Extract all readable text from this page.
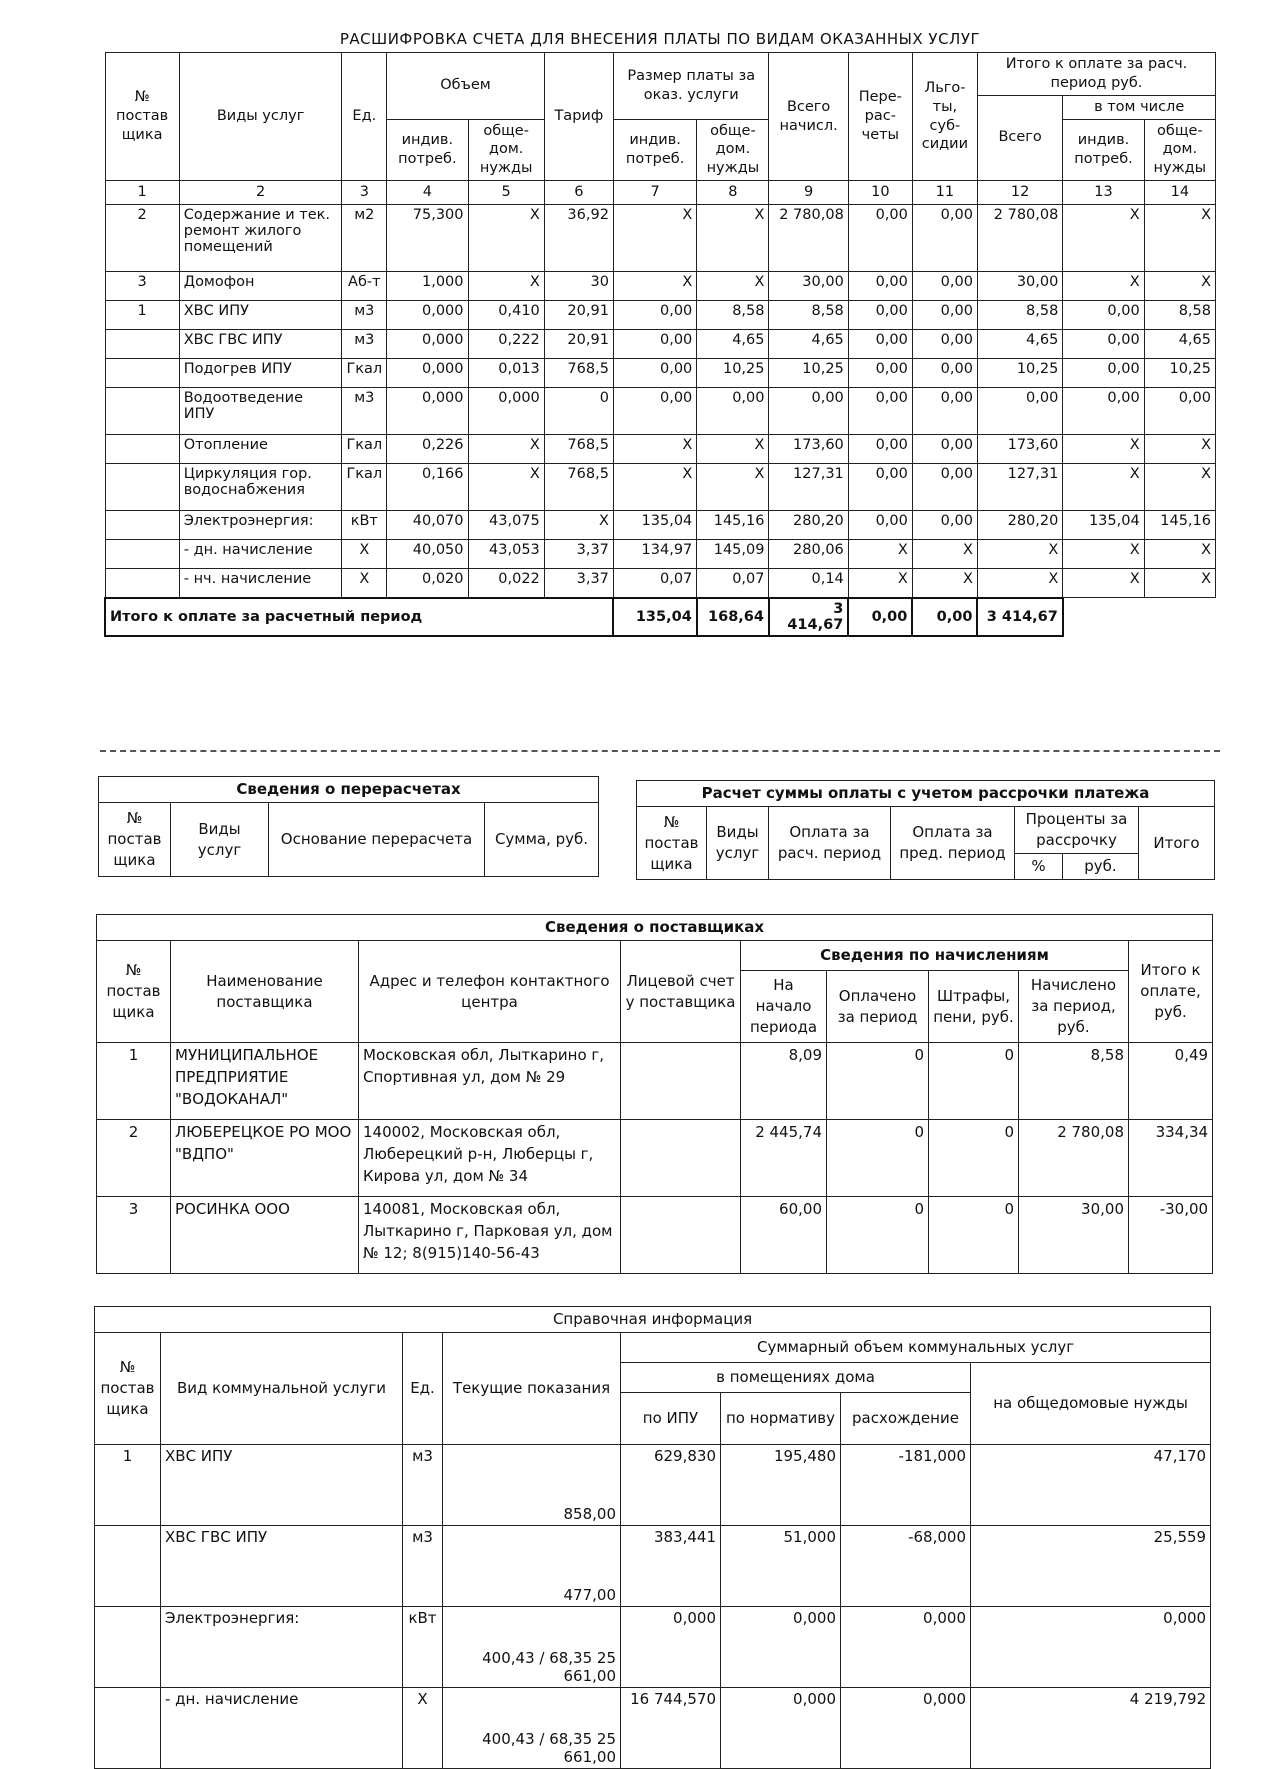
РАСШИФРОВКА СЧЕТА ДЛЯ ВНЕСЕНИЯ ПЛАТЫ ПО ВИДАМ ОКАЗАННЫХ УСЛУГ
№ постав щика	Виды услуг	Ед.	Объем		Тариф	Размер платы за оказ. услуги		Всего начисл.	Пере-рас-четы	Льго-ты, суб-сидии	Итого к оплате за расч. период руб.		
											Всего	в том числе	
			индив. потреб.	обще-дом. нужды		индив. потреб.	обще-дом. нужды					индив. потреб.	обще-дом. нужды
1	2	3	4	5	6	7	8	9	10	11	12	13	14
2	Содержание и тек. ремонт жилого помещений	м2	75,300	Х	36,92	Х	Х	2 780,08	0,00	0,00	2 780,08	Х	Х
3	Домофон	Аб-т	1,000	Х	30	Х	Х	30,00	0,00	0,00	30,00	Х	Х
1	ХВС ИПУ	м3	0,000	0,410	20,91	0,00	8,58	8,58	0,00	0,00	8,58	0,00	8,58
	ХВС ГВС ИПУ	м3	0,000	0,222	20,91	0,00	4,65	4,65	0,00	0,00	4,65	0,00	4,65
	Подогрев ИПУ	Гкал	0,000	0,013	768,5	0,00	10,25	10,25	0,00	0,00	10,25	0,00	10,25
	Водоотведение ИПУ	м3	0,000	0,000	0	0,00	0,00	0,00	0,00	0,00	0,00	0,00	0,00
	Отопление	Гкал	0,226	Х	768,5	Х	Х	173,60	0,00	0,00	173,60	Х	Х
	Циркуляция гор. водоснабжения	Гкал	0,166	Х	768,5	Х	Х	127,31	0,00	0,00	127,31	Х	Х
	Электроэнергия:	кВт	40,070	43,075	Х	135,04	145,16	280,20	0,00	0,00	280,20	135,04	145,16
	- дн. начисление	Х	40,050	43,053	3,37	134,97	145,09	280,06	Х	Х	Х	Х	Х
	- нч. начисление	Х	0,020	0,022	3,37	0,07	0,07	0,14	Х	Х	Х	Х	Х
Итого к оплате за расчетный период						135,04	168,64	3 414,67	0,00	0,00	3 414,67		
Сведения о перерасчетах
№ постав щика	Виды услуг	Основание перерасчета	Сумма, руб.
Расчет суммы оплаты с учетом рассрочки платежа						
№ постав щика	Виды услуг	Оплата за расч. период	Оплата за пред. период	Проценты за рассрочку		Итого
				%	руб.	
Сведения о поставщиках								
№ постав щика	Наименование поставщика	Адрес и телефон контактного центра	Лицевой счет у поставщика	Сведения по начислениям				Итого к оплате, руб.
				На начало периода	Оплачено за период	Штрафы, пени, руб.	Начислено за период, руб.	
1	МУНИЦИПАЛЬНОЕ ПРЕДПРИЯТИЕ "ВОДОКАНАЛ"	Московская обл, Лыткарино г, Спортивная ул, дом № 29		8,09	0	0	8,58	0,49
2	ЛЮБЕРЕЦКОЕ РО МОО "ВДПО"	140002, Московская обл, Люберецкий р-н, Люберцы г, Кирова ул, дом № 34		2 445,74	0	0	2 780,08	334,34
3	РОСИНКА ООО	140081, Московская обл, Лыткарино г, Парковая ул, дом № 12; 8(915)140-56-43		60,00	0	0	30,00	-30,00
Справочная информация							
№ постав щика	Вид коммунальной услуги	Ед.	Текущие показания	Суммарный объем коммунальных услуг			
				в помещениях дома			на общедомовые нужды
				по ИПУ	по нормативу	расхождение	
1	ХВС ИПУ	м3	858,00	629,830	195,480	-181,000	47,170
	ХВС ГВС ИПУ	м3	477,00	383,441	51,000	-68,000	25,559
	Электроэнергия:	кВт	400,43 / 68,35 25 661,00	0,000	0,000	0,000	0,000
	- дн. начисление	Х	400,43 / 68,35 25 661,00	16 744,570	0,000	0,000	4 219,792
